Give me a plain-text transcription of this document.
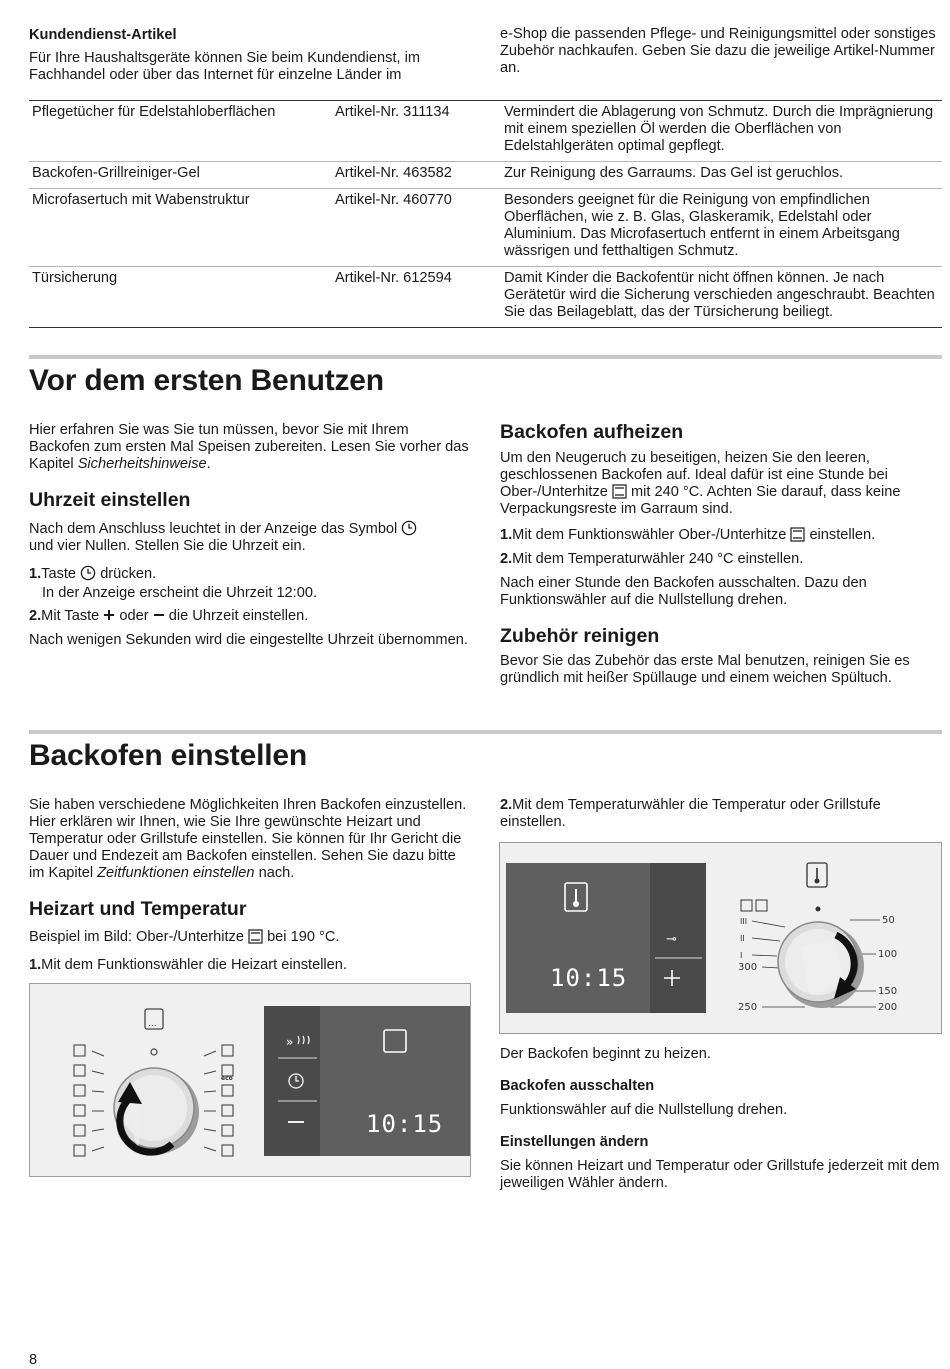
Kundendienst-Artikel
Für Ihre Haushaltsgeräte können Sie beim Kundendienst, im Fachhandel oder über das Internet für einzelne Länder im
e-Shop die passenden Pflege- und Reinigungsmittel oder sonstiges Zubehör nachkaufen. Geben Sie dazu die jeweilige Artikel-Nummer an.
Pflegetücher für Edelstahloberflächen	Artikel-Nr. 311134	Vermindert die Ablagerung von Schmutz. Durch die Imprägnierung mit einem speziellen Öl werden die Oberflächen von Edelstahlgeräten optimal gepflegt.
Backofen-Grillreiniger-Gel	Artikel-Nr. 463582	Zur Reinigung des Garraums. Das Gel ist geruchlos.
Microfasertuch mit Wabenstruktur	Artikel-Nr. 460770	Besonders geeignet für die Reinigung von empfindlichen Oberflächen, wie z. B. Glas, Glaskeramik, Edelstahl oder Aluminium. Das Microfasertuch entfernt in einem Arbeitsgang wässrigen und fetthaltigen Schmutz.
Türsicherung	Artikel-Nr. 612594	Damit Kinder die Backofentür nicht öffnen können. Je nach Gerätetür wird die Sicherung verschieden angeschraubt. Beachten Sie das Beilageblatt, das der Türsicherung beiliegt.
Vor dem ersten Benutzen
Hier erfahren Sie was Sie tun müssen, bevor Sie mit Ihrem Backofen zum ersten Mal Speisen zubereiten. Lesen Sie vorher das Kapitel Sicherheitshinweise.
Uhrzeit einstellen
Nach dem Anschluss leuchtet in der Anzeige das Symbol
und vier Nullen. Stellen Sie die Uhrzeit ein.
1.Taste drücken.
In der Anzeige erscheint die Uhrzeit 12:00.
2.Mit Taste oder die Uhrzeit einstellen.
Nach wenigen Sekunden wird die eingestellte Uhrzeit übernommen.
Backofen aufheizen
Um den Neugeruch zu beseitigen, heizen Sie den leeren, geschlossenen Backofen auf. Ideal dafür ist eine Stunde bei Ober-/Unterhitze mit 240 °C. Achten Sie darauf, dass keine Verpackungsreste im Garraum sind.
1.Mit dem Funktionswähler Ober-/Unterhitze einstellen.
2.Mit dem Temperaturwähler 240 °C einstellen.
Nach einer Stunde den Backofen ausschalten. Dazu den Funktionswähler auf die Nullstellung drehen.
Zubehör reinigen
Bevor Sie das Zubehör das erste Mal benutzen, reinigen Sie es gründlich mit heißer Spüllauge und einem weichen Spültuch.
Backofen einstellen
Sie haben verschiedene Möglichkeiten Ihren Backofen einzustellen. Hier erklären wir Ihnen, wie Sie Ihre gewünschte Heizart und Temperatur oder Grillstufe einstellen. Sie können für Ihr Gericht die Dauer und Endezeit am Backofen einstellen. Sehen Sie dazu bitte im Kapitel Zeitfunktionen einstellen nach.
Heizart und Temperatur
Beispiel im Bild: Ober-/Unterhitze bei 190 °C.
1.Mit dem Funktionswähler die Heizart einstellen.
...
eco
»
10:15
2.Mit dem Temperaturwähler die Temperatur oder Grillstufe einstellen.
⊸
10:15
III
II
I
300
250
50
100
150
200
Der Backofen beginnt zu heizen.
Backofen ausschalten
Funktionswähler auf die Nullstellung drehen.
Einstellungen ändern
Sie können Heizart und Temperatur oder Grillstufe jederzeit mit dem jeweiligen Wähler ändern.
8
